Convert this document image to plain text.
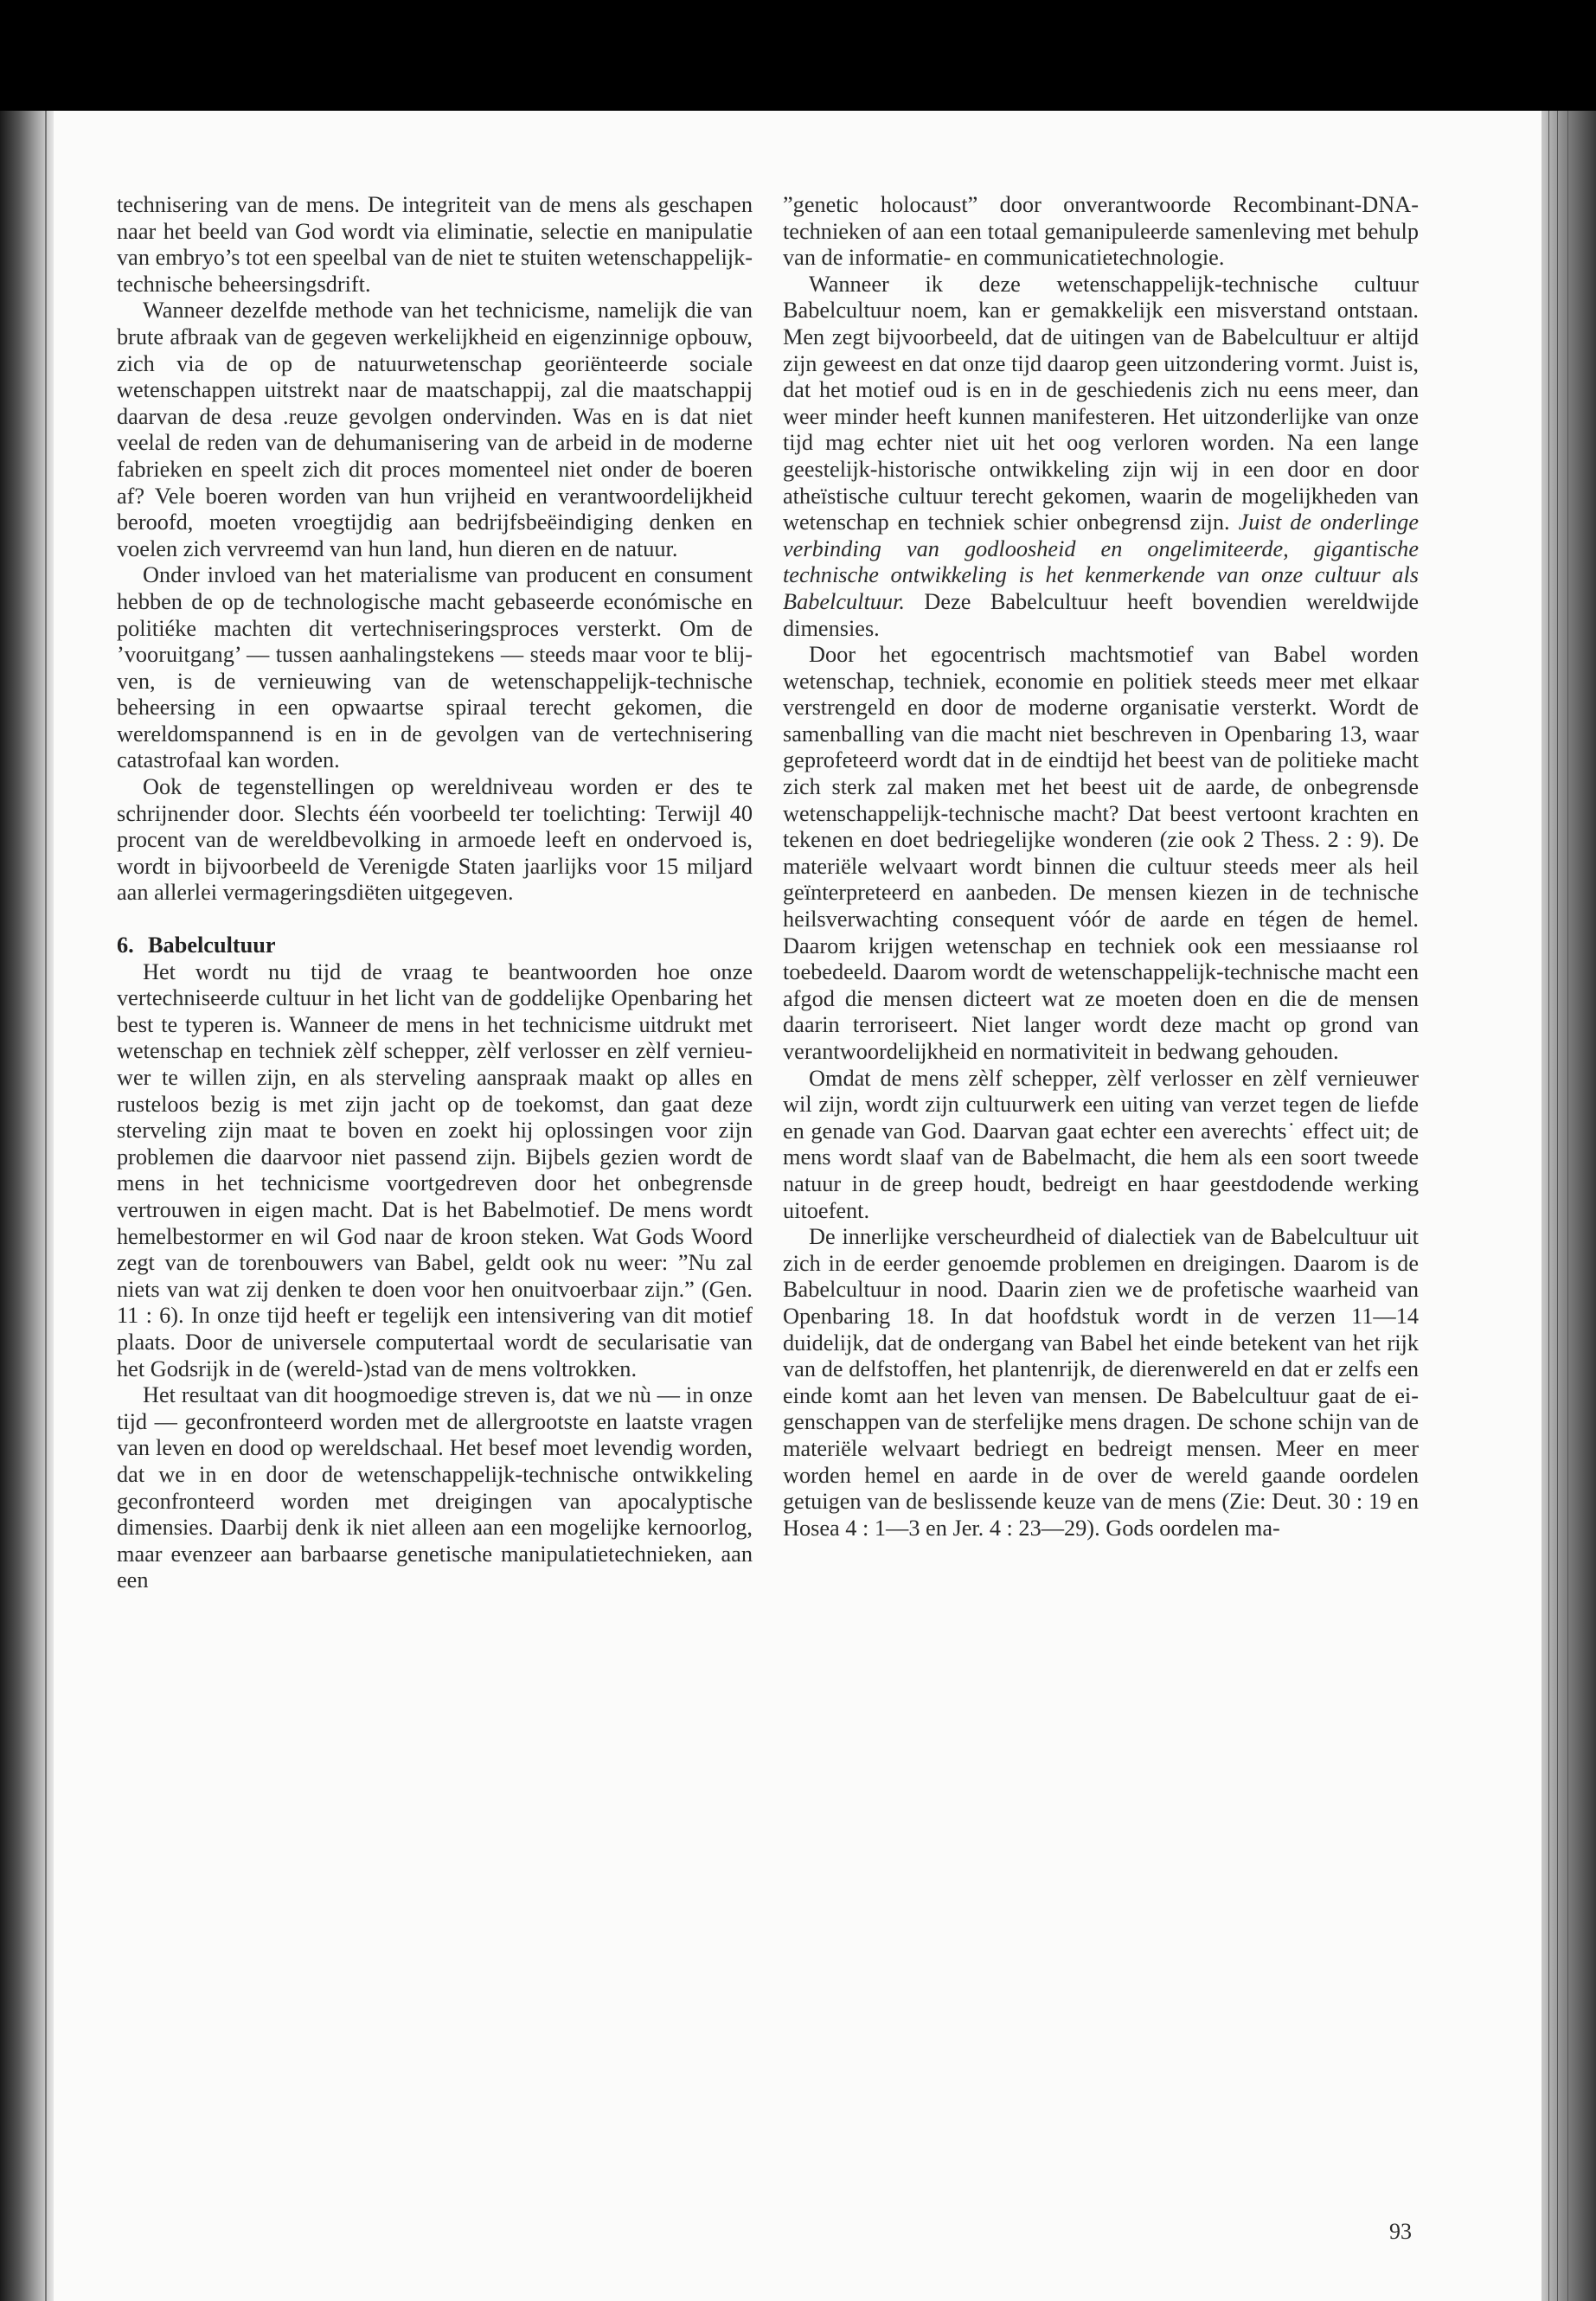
technisering van de mens. De integriteit van de mens als geschapen naar het beeld van God wordt via eliminatie, selectie en manipulatie van embryo’s tot een speelbal van de niet te stuiten wetenschappelijk-technische beheersingsdrift.

Wanneer dezelfde methode van het technicisme, namelijk die van brute afbraak van de gegeven werkelijkheid en eigenzinnige opbouw, zich via de op de natuurwetenschap georiënteerde sociale wetenschappen uitstrekt naar de maatschappij, zal die maatschappij daarvan de desa .reuze gevolgen ondervinden. Was en is dat niet veelal de reden van de dehumanisering van de arbeid in de moderne fabrieken en speelt zich dit proces momenteel niet onder de boeren af? Vele boeren worden van hun vrijheid en verantwoordelijkheid beroofd, moeten vroegtijdig aan bedrijfsbeëindiging denken en voelen zich vervreemd van hun land, hun dieren en de natuur.

Onder invloed van het materialisme van producent en consument hebben de op de technologische macht gebaseerde económische en politiéke machten dit vertechniseringsproces versterkt. Om de ’vooruitgang’ — tussen aanhalingstekens — steeds maar voor te blijven, is de vernieuwing van de wetenschappelijk-technische beheersing in een opwaartse spiraal terecht gekomen, die wereldomspannend is en in de gevolgen van de vertechnisering catastrofaal kan worden.

Ook de tegenstellingen op wereldniveau worden er des te schrijnender door. Slechts één voorbeeld ter toelichting: Terwijl 40 procent van de wereldbevolking in armoede leeft en ondervoed is, wordt in bijvoorbeeld de Verenigde Staten jaarlijks voor 15 miljard aan allerlei vermageringsdiëten uitgegeven.

6. Babelcultuur

Het wordt nu tijd de vraag te beantwoorden hoe onze vertechniseerde cultuur in het licht van de goddelijke Openbaring het best te typeren is. Wanneer de mens in het technicisme uitdrukt met wetenschap en techniek zèlf schepper, zèlf verlosser en zèlf vernieuwer te willen zijn, en als sterveling aanspraak maakt op alles en rusteloos bezig is met zijn jacht op de toekomst, dan gaat deze sterveling zijn maat te boven en zoekt hij oplossingen voor zijn problemen die daarvoor niet passend zijn. Bijbels gezien wordt de mens in het technicisme voortgedreven door het onbegrensde vertrouwen in eigen macht. Dat is het Babelmotief. De mens wordt hemelbestormer en wil God naar de kroon steken. Wat Gods Woord zegt van de torenbouwers van Babel, geldt ook nu weer: ”Nu zal niets van wat zij denken te doen voor hen onuitvoerbaar zijn.” (Gen. 11 : 6). In onze tijd heeft er tegelijk een intensivering van dit motief plaats. Door de universele computertaal wordt de secularisatie van het Godsrijk in de (wereld-)stad van de mens voltrokken.

Het resultaat van dit hoogmoedige streven is, dat we nù — in onze tijd — geconfronteerd worden met de allergrootste en laatste vragen van leven en dood op wereldschaal. Het besef moet levendig worden, dat we in en door de wetenschappelijk-technische ontwikkeling geconfronteerd worden met dreigingen van apocalyptische dimensies. Daarbij denk ik niet alleen aan een mogelijke kernoorlog, maar evenzeer aan barbaarse genetische manipulatietechnieken, aan een

”genetic holocaust” door onverantwoorde Recombinant-DNA-technieken of aan een totaal gemanipuleerde samenleving met behulp van de informatie- en communicatietechnologie.

Wanneer ik deze wetenschappelijk-technische cultuur Babelcultuur noem, kan er gemakkelijk een misverstand ontstaan. Men zegt bijvoorbeeld, dat de uitingen van de Babelcultuur er altijd zijn geweest en dat onze tijd daarop geen uitzondering vormt. Juist is, dat het motief oud is en in de geschiedenis zich nu eens meer, dan weer minder heeft kunnen manifesteren. Het uitzonderlijke van onze tijd mag echter niet uit het oog verloren worden. Na een lange geestelijk-historische ontwikkeling zijn wij in een door en door atheïstische cultuur terecht gekomen, waarin de mogelijkheden van wetenschap en techniek schier onbegrensd zijn. Juist de onderlinge verbinding van godloosheid en ongelimiteerde, gigantische technische ontwikkeling is het kenmerkende van onze cultuur als Babelcultuur. Deze Babelcultuur heeft bovendien wereldwijde dimensies.

Door het egocentrisch machtsmotief van Babel worden wetenschap, techniek, economie en politiek steeds meer met elkaar verstrengeld en door de moderne organisatie versterkt. Wordt de samenballing van die macht niet beschreven in Openbaring 13, waar geprofeteerd wordt dat in de eindtijd het beest van de politieke macht zich sterk zal maken met het beest uit de aarde, de onbegrensde wetenschappelijk-technische macht? Dat beest vertoont krachten en tekenen en doet bedriegelijke wonderen (zie ook 2 Thess. 2 : 9). De materiële welvaart wordt binnen die cultuur steeds meer als heil geïnterpreteerd en aanbeden. De mensen kiezen in de technische heilsverwachting consequent vóór de aarde en tégen de hemel. Daarom krijgen wetenschap en techniek ook een messiaanse rol toebedeeld. Daarom wordt de wetenschappelijk-technische macht een afgod die mensen dicteert wat ze moeten doen en die de mensen daarin terroriseert. Niet langer wordt deze macht op grond van verantwoordelijkheid en normativiteit in bedwang gehouden.

Omdat de mens zèlf schepper, zèlf verlosser en zèlf vernieuwer wil zijn, wordt zijn cultuurwerk een uiting van verzet tegen de liefde en genade van God. Daarvan gaat echter een averechts˙ effect uit; de mens wordt slaaf van de Babelmacht, die hem als een soort tweede natuur in de greep houdt, bedreigt en haar geestdodende werking uitoefent.

De innerlijke verscheurdheid of dialectiek van de Babelcultuur uit zich in de eerder genoemde problemen en dreigingen. Daarom is de Babelcultuur in nood. Daarin zien we de profetische waarheid van Openbaring 18. In dat hoofdstuk wordt in de verzen 11—14 duidelijk, dat de ondergang van Babel het einde betekent van het rijk van de delfstoffen, het plantenrijk, de dierenwereld en dat er zelfs een einde komt aan het leven van mensen. De Babelcultuur gaat de eigenschappen van de sterfelijke mens dragen. De schone schijn van de materiële welvaart bedriegt en bedreigt mensen. Meer en meer worden hemel en aarde in de over de wereld gaande oordelen getuigen van de beslissende keuze van de mens (Zie: Deut. 30 : 19 en Hosea 4 : 1—3 en Jer. 4 : 23—29). Gods oordelen ma-

93
